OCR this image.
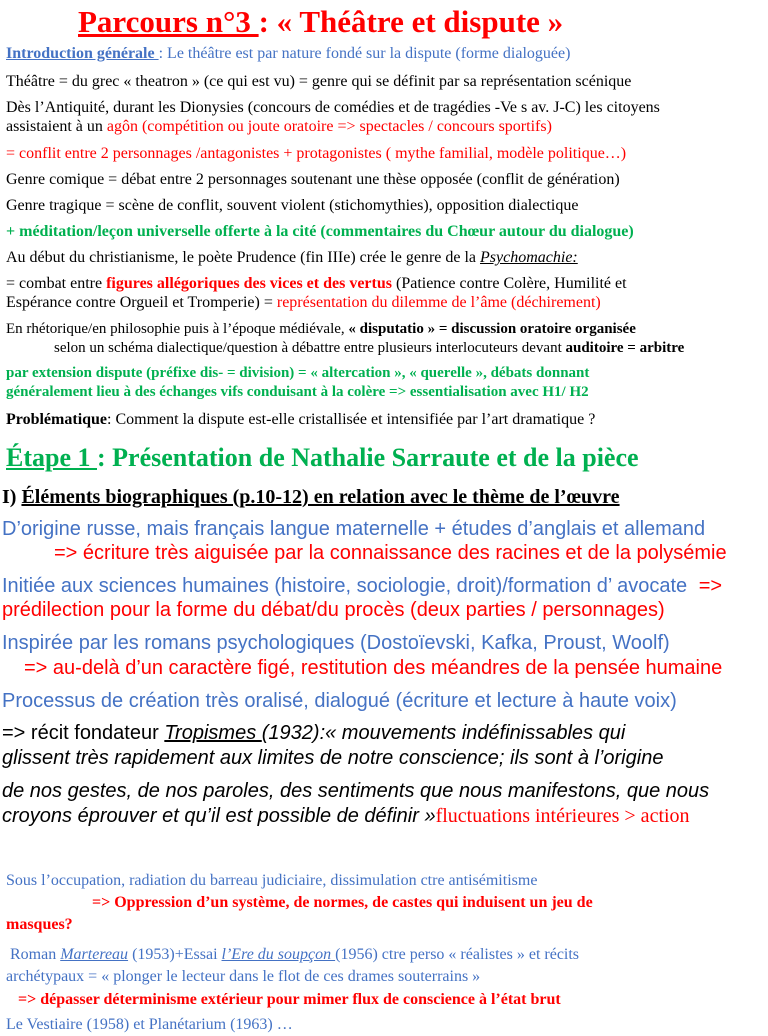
Parcours n°3 : « Théâtre et dispute »
Introduction générale : Le théâtre est par nature fondé sur la dispute (forme dialoguée)
Théâtre = du grec « theatron » (ce qui est vu) = genre qui se définit par sa représentation scénique
Dès l’Antiquité, durant les Dionysies (concours de comédies et de tragédies -Ve s av. J-C) les citoyens
assistaient à un agôn (compétition ou joute oratoire => spectacles / concours sportifs)
= conflit entre 2 personnages /antagonistes + protagonistes ( mythe familial, modèle politique…)
Genre comique = débat entre 2 personnages soutenant une thèse opposée (conflit de génération)
Genre tragique = scène de conflit, souvent violent (stichomythies), opposition dialectique
+ méditation/leçon universelle offerte à la cité (commentaires du Chœur autour du dialogue)
Au début du christianisme, le poète Prudence (fin IIIe) crée le genre de la Psychomachie:
= combat entre figures allégoriques des vices et des vertus (Patience contre Colère, Humilité et
Espérance contre Orgueil et Tromperie) = représentation du dilemme de l’âme (déchirement)
En rhétorique/en philosophie puis à l’époque médiévale, « disputatio » = discussion oratoire organisée
selon un schéma dialectique/question à débattre entre plusieurs interlocuteurs devant auditoire = arbitre
par extension dispute (préfixe dis- = division) = « altercation », « querelle », débats donnant
généralement lieu à des échanges vifs conduisant à la colère => essentialisation avec H1/ H2
Problématique: Comment la dispute est-elle cristallisée et intensifiée par l’art dramatique ?
Étape 1 : Présentation de Nathalie Sarraute et de la pièce
I) Éléments biographiques (p.10-12) en relation avec le thème de l’œuvre
D’origine russe, mais français langue maternelle + études d’anglais et allemand
=> écriture très aiguisée par la connaissance des racines et de la polysémie
Initiée aux sciences humaines (histoire, sociologie, droit)/formation d’ avocate =>
prédilection pour la forme du débat/du procès (deux parties / personnages)
Inspirée par les romans psychologiques (Dostoïevski, Kafka, Proust, Woolf)
=> au-delà d’un caractère figé, restitution des méandres de la pensée humaine
Processus de création très oralisé, dialogué (écriture et lecture à haute voix)
=> récit fondateur Tropismes (1932):« mouvements indéfinissables qui
glissent très rapidement aux limites de notre conscience; ils sont à l’origine
de nos gestes, de nos paroles, des sentiments que nous manifestons, que nous
croyons éprouver et qu’il est possible de définir »fluctuations intérieures > action
Sous l’occupation, radiation du barreau judiciaire, dissimulation ctre antisémitisme
=> Oppression d’un système, de normes, de castes qui induisent un jeu de
masques?
Roman Martereau (1953)+Essai l’Ere du soupçon (1956) ctre perso « réalistes » et récits
archétypaux = « plonger le lecteur dans le flot de ces drames souterrains »
=> dépasser déterminisme extérieur pour mimer flux de conscience à l’état brut
Le Vestiaire (1958) et Planétarium (1963) …
